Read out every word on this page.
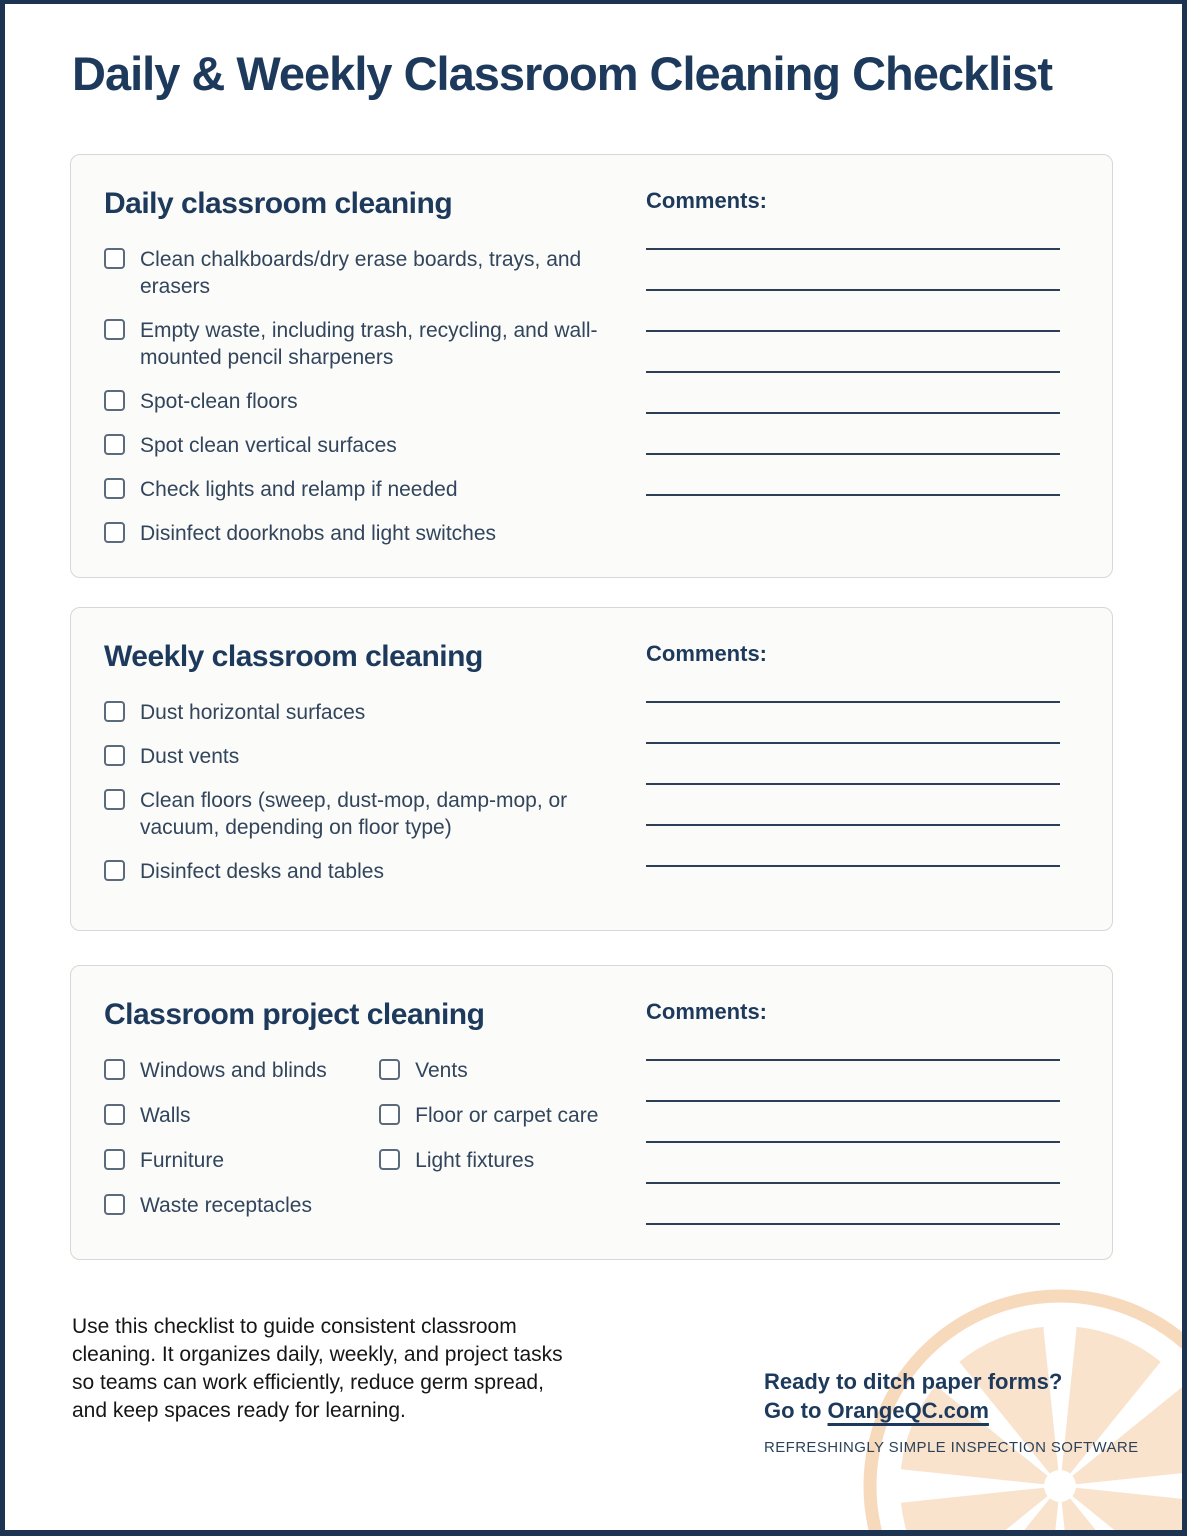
Daily & Weekly Classroom Cleaning Checklist
Daily classroom cleaning
Clean chalkboards/dry erase boards, trays, and erasers
Empty waste, including trash, recycling, and wall-mounted pencil sharpeners
Spot-clean floors
Spot clean vertical surfaces
Check lights and relamp if needed
Disinfect doorknobs and light switches
Comments:
Weekly classroom cleaning
Dust horizontal surfaces
Dust vents
Clean floors (sweep, dust-mop, damp-mop, or vacuum, depending on floor type)
Disinfect desks and tables
Comments:
Classroom project cleaning
Windows and blinds
Walls
Furniture
Waste receptacles
Vents
Floor or carpet care
Light fixtures
Comments:

Use this checklist to guide consistent classroom cleaning. It organizes daily, weekly, and project tasks so teams can work efficiently, reduce germ spread, and keep spaces ready for learning.

Ready to ditch paper forms?
Go to OrangeQC.com
REFRESHINGLY SIMPLE INSPECTION SOFTWARE
